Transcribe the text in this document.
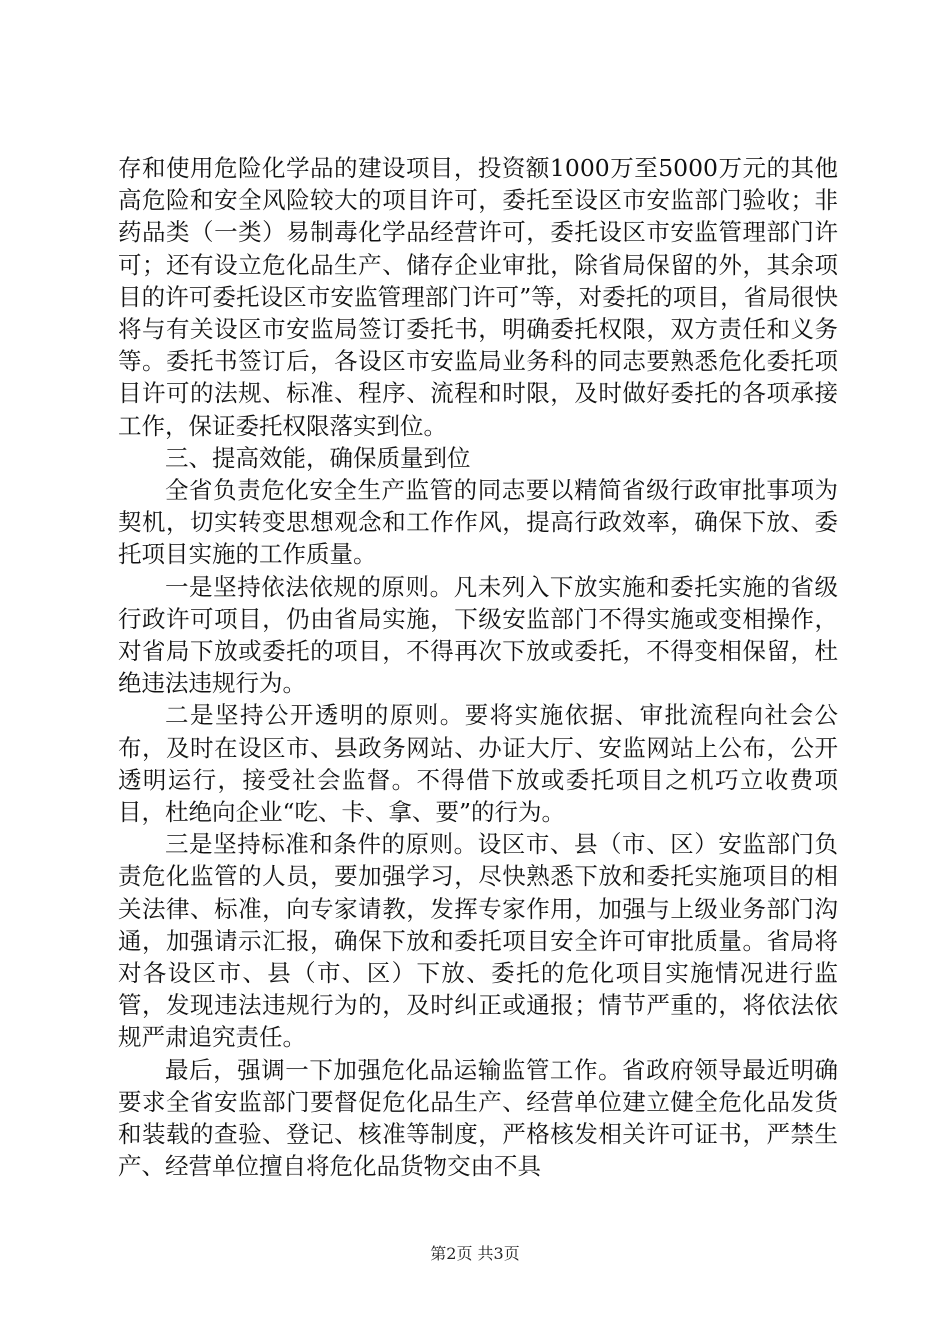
存和使用危险化学品的建设项目，投资额1000万至5000万元的其他高危险和安全风险较大的项目许可，委托至设区市安监部门验收；非药品类（一类）易制毒化学品经营许可，委托设区市安监管理部门许可；还有设立危化品生产、储存企业审批，除省局保留的外，其余项目的许可委托设区市安监管理部门许可”等，对委托的项目，省局很快将与有关设区市安监局签订委托书，明确委托权限，双方责任和义务等。委托书签订后，各设区市安监局业务科的同志要熟悉危化委托项目许可的法规、标准、程序、流程和时限，及时做好委托的各项承接工作，保证委托权限落实到位。

三、提高效能，确保质量到位

全省负责危化安全生产监管的同志要以精简省级行政审批事项为契机，切实转变思想观念和工作作风，提高行政效率，确保下放、委托项目实施的工作质量。

一是坚持依法依规的原则。凡未列入下放实施和委托实施的省级行政许可项目，仍由省局实施，下级安监部门不得实施或变相操作，对省局下放或委托的项目，不得再次下放或委托，不得变相保留，杜绝违法违规行为。

二是坚持公开透明的原则。要将实施依据、审批流程向社会公布，及时在设区市、县政务网站、办证大厅、安监网站上公布，公开透明运行，接受社会监督。不得借下放或委托项目之机巧立收费项目，杜绝向企业“吃、卡、拿、要”的行为。

三是坚持标准和条件的原则。设区市、县（市、区）安监部门负责危化监管的人员，要加强学习，尽快熟悉下放和委托实施项目的相关法律、标准，向专家请教，发挥专家作用，加强与上级业务部门沟通，加强请示汇报，确保下放和委托项目安全许可审批质量。省局将对各设区市、县（市、区）下放、委托的危化项目实施情况进行监管，发现违法违规行为的，及时纠正或通报；情节严重的，将依法依规严肃追究责任。

最后，强调一下加强危化品运输监管工作。省政府领导最近明确要求全省安监部门要督促危化品生产、经营单位建立健全危化品发货和装载的查验、登记、核准等制度，严格核发相关许可证书，严禁生产、经营单位擅自将危化品货物交由不具

第2页 共3页
